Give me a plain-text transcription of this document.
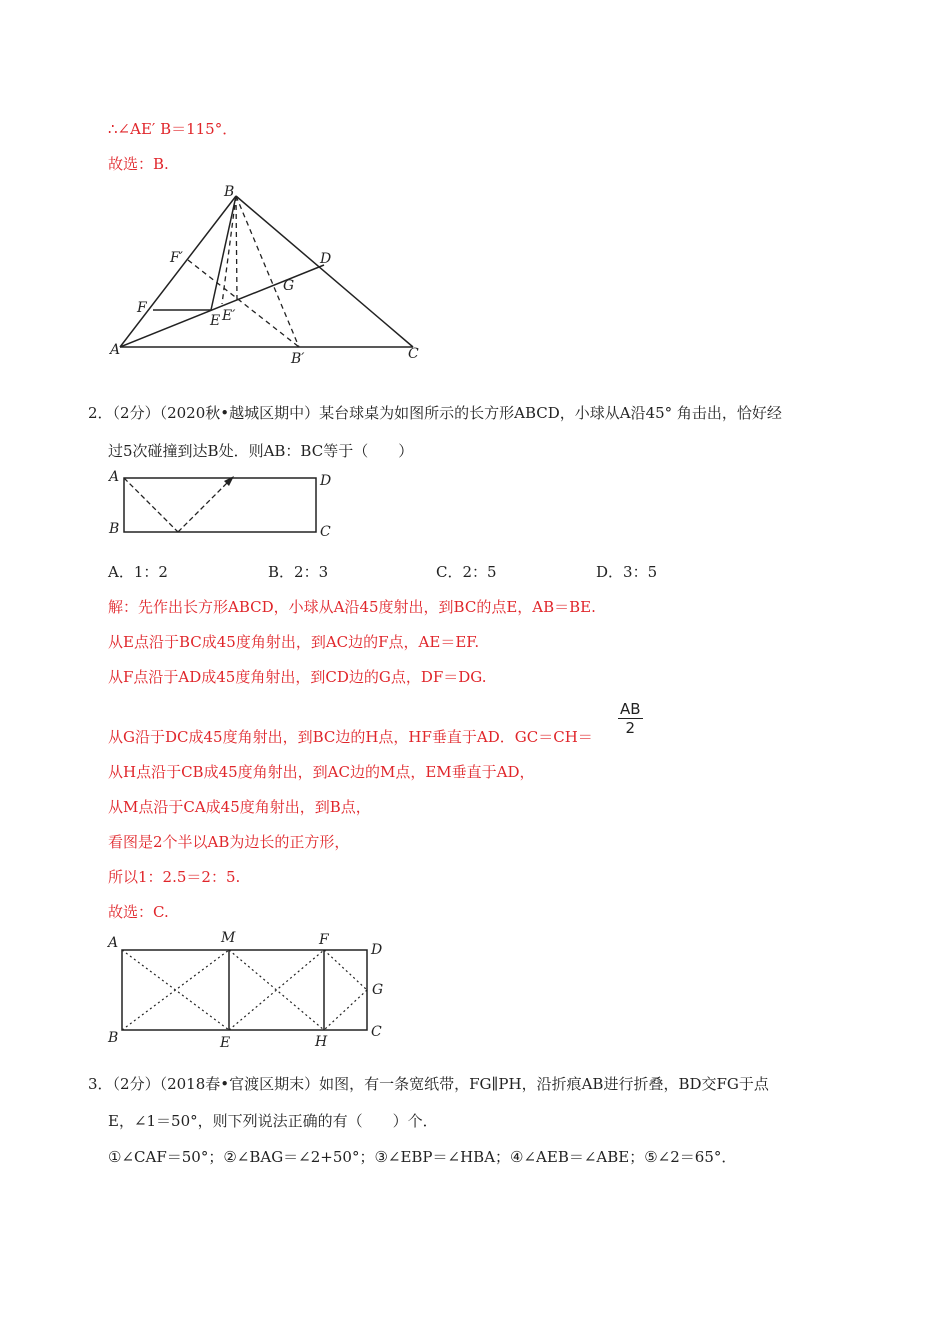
∴∠AE′ B＝115°．
故选：B.
B
F′	D
G
F
E E′
A
B′	C
2．（2分）（2020秋•越城区期中）某台球桌为如图所示的长方形ABCD，小球从A沿45° 角击出，恰好经
过5次碰撞到达B处．则AB：BC等于（　　）
A
B	C
D
A．1：2	B．2：3	C．2：5	D．3：5
解：先作出长方形ABCD，小球从A沿45度射出，到BC的点E，AB＝BE.
从E点沿于BC成45度角射出，到AC边的F点，AE＝EF.
从F点沿于AD成45度角射出，到CD边的G点，DF＝DG.
从G沿于DC成45度角射出，到BC边的H点，HF垂直于AD．$GC=CH= \frac{AB}{2}$
从H点沿于CB成45度角射出，到AC边的M点，EM垂直于AD，
从M点沿于CA成45度角射出，到B点，
看图是2个半以AB为边长的正方形，
所以1：2.5＝2：5.
故选：C.
A	M	F
D
G
B	E	H
C
3．（2分）（2018春•官渡区期末）如图，有一条宽纸带，FG∥PH，沿折痕AB进行折叠，BD交FG于点
E，∠1＝50°，则下列说法正确的有（　　）个．
①∠CAF＝50°；②∠BAG＝∠2+50°；③∠EBP＝∠HBA；④∠AEB＝∠ABE；⑤∠2＝65°．
